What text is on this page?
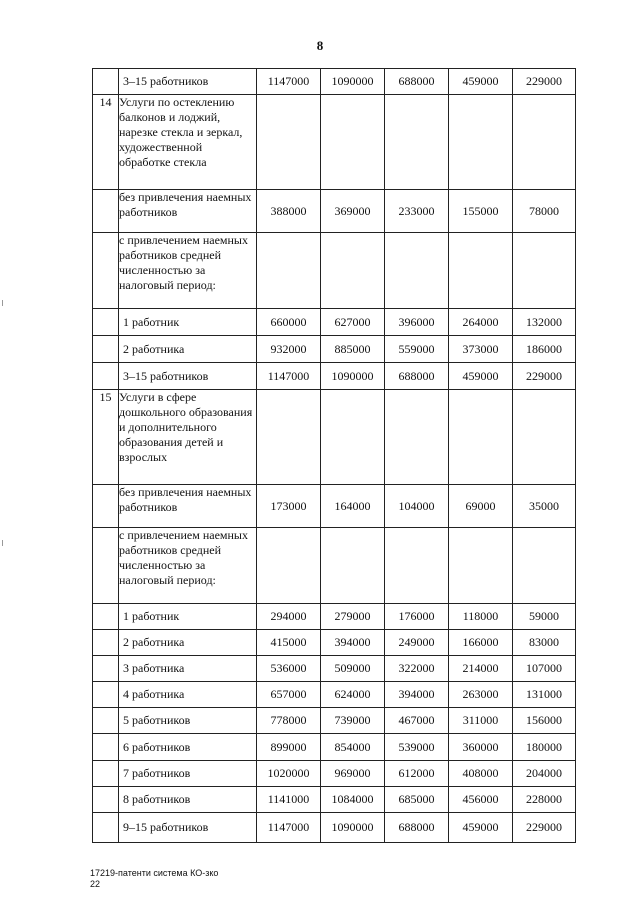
8
	3–15 работников	1147000	1090000	688000	459000	229000
14	Услуги по остеклению балконов и лоджий, нарезке стекла и зеркал, художественной обработке стекла					
	без привлечения наемных работников	388000	369000	233000	155000	78000
	с привлечением наемных работников средней численностью за налоговый период:					
	1 работник	660000	627000	396000	264000	132000
	2 работника	932000	885000	559000	373000	186000
	3–15 работников	1147000	1090000	688000	459000	229000
15	Услуги в сфере дошкольного образования и дополнительного образования детей и взрослых					
	без привлечения наемных работников	173000	164000	104000	69000	35000
	с привлечением наемных работников средней численностью за налоговый период:					
	1 работник	294000	279000	176000	118000	59000
	2 работника	415000	394000	249000	166000	83000
	3 работника	536000	509000	322000	214000	107000
	4 работника	657000	624000	394000	263000	131000
	5 работников	778000	739000	467000	311000	156000
	6 работников	899000	854000	539000	360000	180000
	7 работников	1020000	969000	612000	408000	204000
	8 работников	1141000	1084000	685000	456000	228000
	9–15 работников	1147000	1090000	688000	459000	229000
17219-патенти система КО-зко
22
